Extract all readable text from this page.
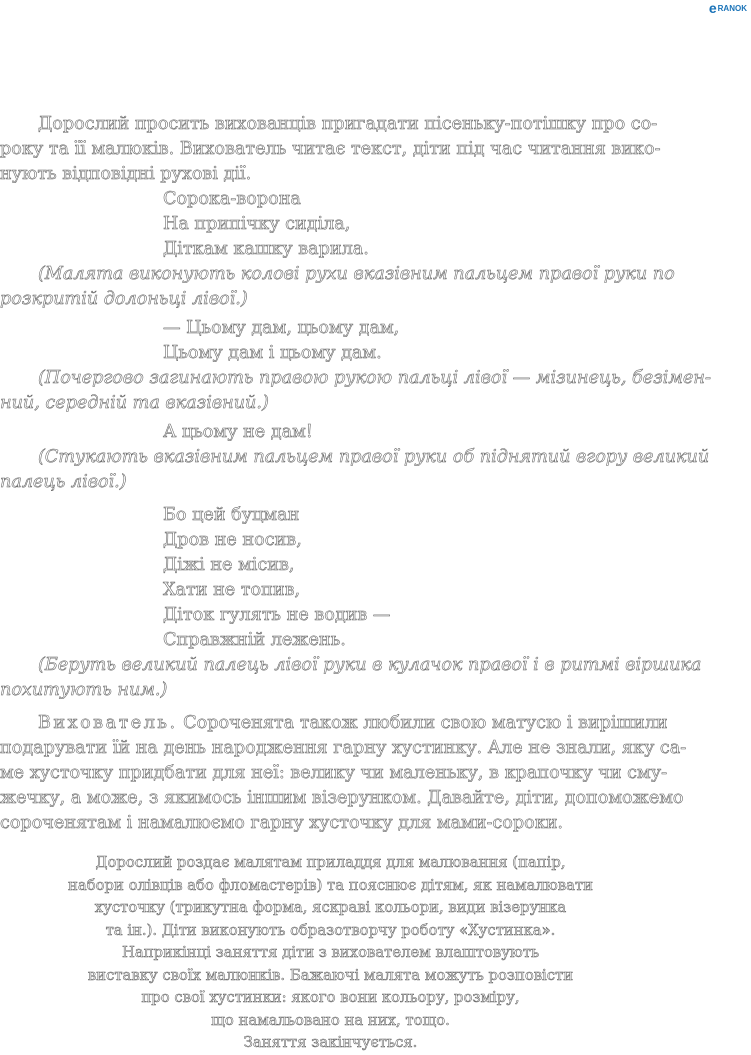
e RANOK

Дорослий просить вихованців пригадати пісеньку-потішку про со-
року та її малюків. Вихователь читає текст, діти під час читання вико-
нують відповідні рухові дії.

Сорока-ворона
На припічку сиділа,
Діткам кашку варила.
(Малята виконують колові рухи вказівним пальцем правої руки по
розкритій долоньці лівої.)
— Цьому дам, цьому дам,
Цьому дам і цьому дам.
(Почергово загинають правою рукою пальці лівої — мізинець, безімен-
ний, середній та вказівний.)
А цьому не дам!
(Стукають вказівним пальцем правої руки об піднятий вгору великий
палець лівої.)
Бо цей буцман
Дров не носив,
Діжі не місив,
Хати не топив,
Діток гулять не водив —
Справжній лежень.
(Беруть великий палець лівої руки в кулачок правої і в ритмі віршика
похитують ним.)

Вихователь. Сороченята також любили свою матусю і вирішили
подарувати їй на день народження гарну хустинку. Але не знали, яку са-
ме хусточку придбати для неї: велику чи маленьку, в крапочку чи сму-
жечку, а може, з якимось іншим візерунком. Давайте, діти, допоможемо
сороченятам і намалюємо гарну хусточку для мами-сороки.

Дорослий роздає малятам приладдя для малювання (папір,
набори олівців або фломастерів) та пояснює дітям, як намалювати
хусточку (трикутна форма, яскраві кольори, види візерунка
та ін.). Діти виконують образотворчу роботу «Хустинка».
Наприкінці заняття діти з вихователем влаштовують
виставку своїх малюнків. Бажаючі малята можуть розповісти
про свої хустинки: якого вони кольору, розміру,
що намальовано на них, тощо.
Заняття закінчується.
